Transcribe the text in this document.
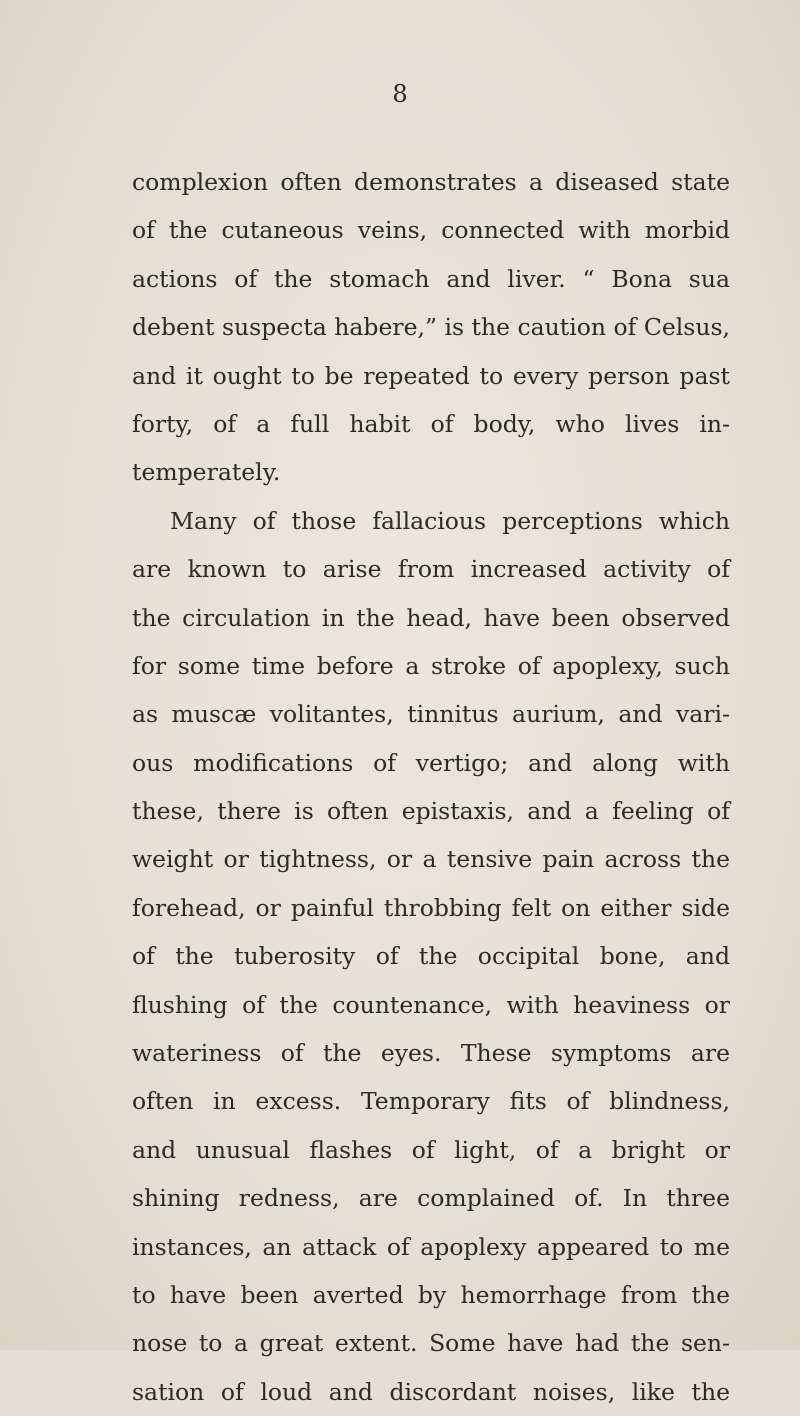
8
complexion often demonstrates a diseased state
of the cutaneous veins, connected with morbid
actions of the stomach and liver. “ Bona sua
debent suspecta habere,” is the caution of Celsus,
and it ought to be repeated to every person past
forty, of a full habit of body, who lives in-
temperately.
Many of those fallacious perceptions which
are known to arise from increased activity of
the circulation in the head, have been observed
for some time before a stroke of apoplexy, such
as muscæ volitantes, tinnitus aurium, and vari-
ous modifications of vertigo; and along with
these, there is often epistaxis, and a feeling of
weight or tightness, or a tensive pain across the
forehead, or painful throbbing felt on either side
of the tuberosity of the occipital bone, and
flushing of the countenance, with heaviness or
wateriness of the eyes. These symptoms are
often in excess. Temporary fits of blindness,
and unusual flashes of light, of a bright or
shining redness, are complained of. In three
instances, an attack of apoplexy appeared to me
to have been averted by hemorrhage from the
nose to a great extent. Some have had the sen-
sation of loud and discordant noises, like the
